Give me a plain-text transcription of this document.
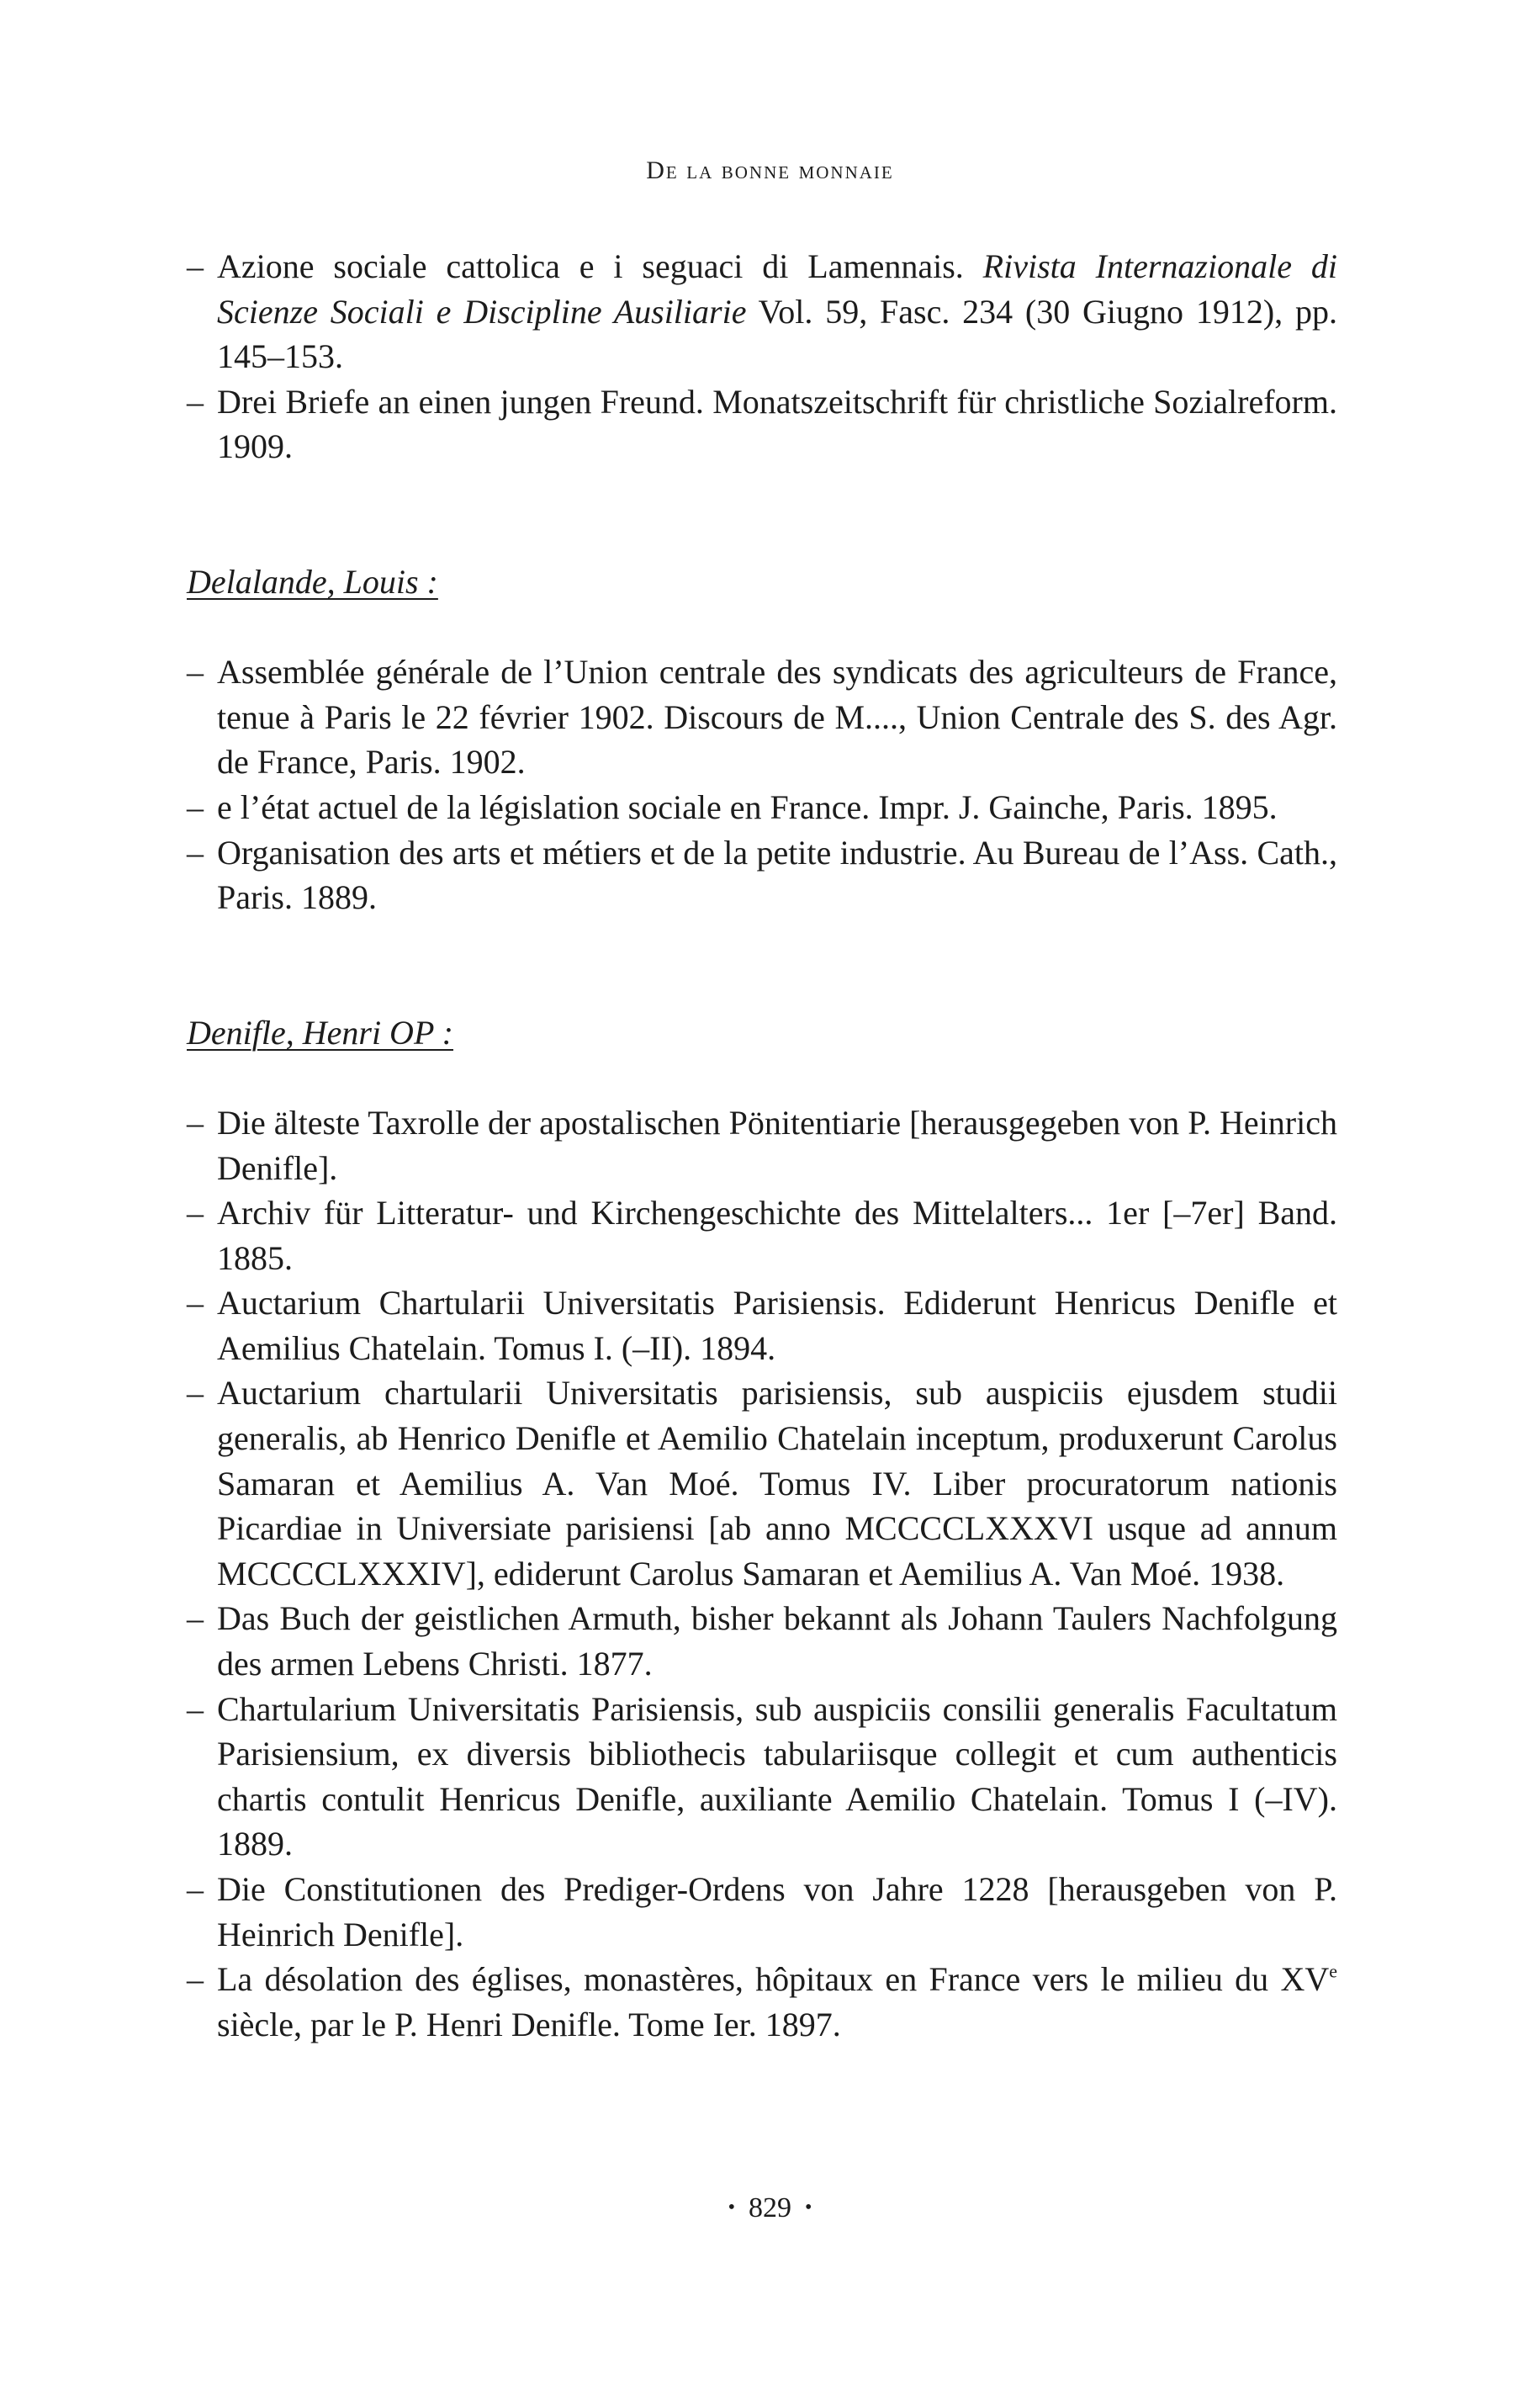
De la bonne monnaie
– Azione sociale cattolica e i seguaci di Lamennais. Rivista Internazionale di Scienze Sociali e Discipline Ausiliarie Vol. 59, Fasc. 234 (30 Giugno 1912), pp. 145–153.
– Drei Briefe an einen jungen Freund. Monatszeitschrift für christliche Sozialreform. 1909.
Delalande, Louis :
– Assemblée générale de l’Union centrale des syndicats des agriculteurs de France, tenue à Paris le 22 février 1902. Discours de M...., Union Centrale des S. des Agr. de France, Paris. 1902.
– e l’état actuel de la législation sociale en France. Impr. J. Gainche, Paris. 1895.
– Organisation des arts et métiers et de la petite industrie. Au Bureau de l’Ass. Cath., Paris. 1889.
Denifle, Henri OP :
– Die älteste Taxrolle der apostalischen Pönitentiarie [herausgegeben von P. Heinrich Denifle].
– Archiv für Litteratur- und Kirchengeschichte des Mittelalters... 1er [–7er] Band. 1885.
– Auctarium Chartularii Universitatis Parisiensis. Ediderunt Henricus Denifle et Aemilius Chatelain. Tomus I. (–II). 1894.
– Auctarium chartularii Universitatis parisiensis, sub auspiciis ejusdem studii generalis, ab Henrico Denifle et Aemilio Chatelain inceptum, produxerunt Carolus Samaran et Aemilius A. Van Moé. Tomus IV. Liber procuratorum nationis Picardiae in Universiate parisiensi [ab anno MCCCCLXXXVI usque ad annum MCCCCLXXXIV], ediderunt Carolus Samaran et Aemilius A. Van Moé. 1938.
– Das Buch der geistlichen Armuth, bisher bekannt als Johann Taulers Nachfolgung des armen Lebens Christi. 1877.
– Chartularium Universitatis Parisiensis, sub auspiciis consilii generalis Facultatum Parisiensium, ex diversis bibliothecis tabulariisque collegit et cum authenticis chartis contulit Henricus Denifle, auxiliante Aemilio Chatelain. Tomus I (–IV). 1889.
– Die Constitutionen des Prediger-Ordens von Jahre 1228 [herausgeben von P. Heinrich Denifle].
– La désolation des églises, monastères, hôpitaux en France vers le milieu du XVe siècle, par le P. Henri Denifle. Tome Ier. 1897.
• 829 •
